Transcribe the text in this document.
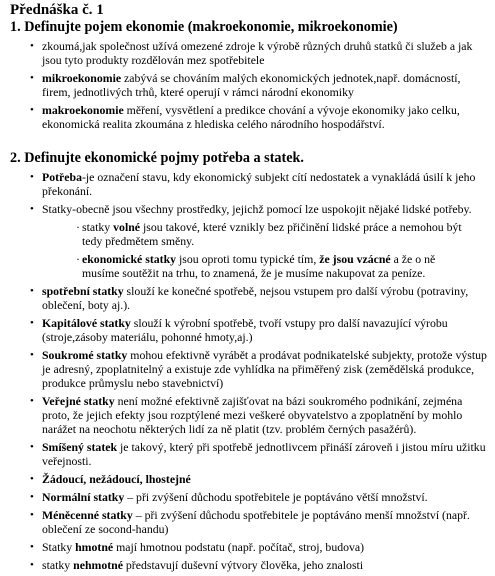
Přednáška č. 1
1. Definujte pojem ekonomie (makroekonomie, mikroekonomie)
• zkoumá,jak společnost užívá omezené zdroje k výrobě různých druhů statků či služeb a jak jsou tyto produkty rozdělován mez spotřebitele
• mikroekonomie zabývá se chováním malých ekonomických jednotek,např. domácností, firem, jednotlivých trhů, které operují v rámci národní ekonomiky
• makroekonomie měření, vysvětlení a predikce chování a vývoje ekonomiky jako celku, ekonomická realita zkoumána z hlediska celého národního hospodářství.
2. Definujte ekonomické pojmy potřeba a statek.
• Potřeba-je označení stavu, kdy ekonomický subjekt cítí nedostatek a vynakládá úsilí k jeho překonání.
• Statky-obecně jsou všechny prostředky, jejichž pomocí lze uspokojit nějaké lidské potřeby.
· statky volné jsou takové, které vznikly bez přičinění lidské práce a nemohou být tedy předmětem směny.
· ekonomické statky jsou oproti tomu typické tím, že jsou vzácné a že o ně musíme soutěžit na trhu, to znamená, že je musíme nakupovat za peníze.
• spotřební statky slouží ke konečné spotřebě, nejsou vstupem pro další výrobu (potraviny, oblečení, boty aj.).
• Kapitálové statky slouží k výrobní spotřebě, tvoří vstupy pro další navazující výrobu (stroje,zásoby materiálu, pohonné hmoty,aj.)
• Soukromé statky mohou efektivně vyrábět a prodávat podnikatelské subjekty, protože výstup je adresný, zpoplatnitelný a existuje zde vyhlídka na přiměřený zisk (zemědělská produkce, produkce průmyslu nebo stavebnictví)
• Veřejné statky není možné efektivně zajišťovat na bázi soukromého podnikání, zejména proto, že jejich efekty jsou rozptýlené mezi veškeré obyvatelstvo a zpoplatnění by mohlo narážet na neochotu některých lidí za ně platit (tzv. problém černých pasažérů).
• Smíšený statek je takový, který při spotřebě jednotlivcem přináší zároveň i jistou míru užitku veřejnosti.
• Žádoucí, nežádoucí, lhostejné
• Normální statky – při zvýšení důchodu spotřebitele je poptáváno větší množství.
• Méněcenné statky – při zvýšení důchodu spotřebitele je poptáváno menší množství (např. oblečení ze socond-handu)
• Statky hmotné mají hmotnou podstatu (např. počítač, stroj, budova)
• statky nehmotné představují duševní výtvory člověka, jeho znalosti
